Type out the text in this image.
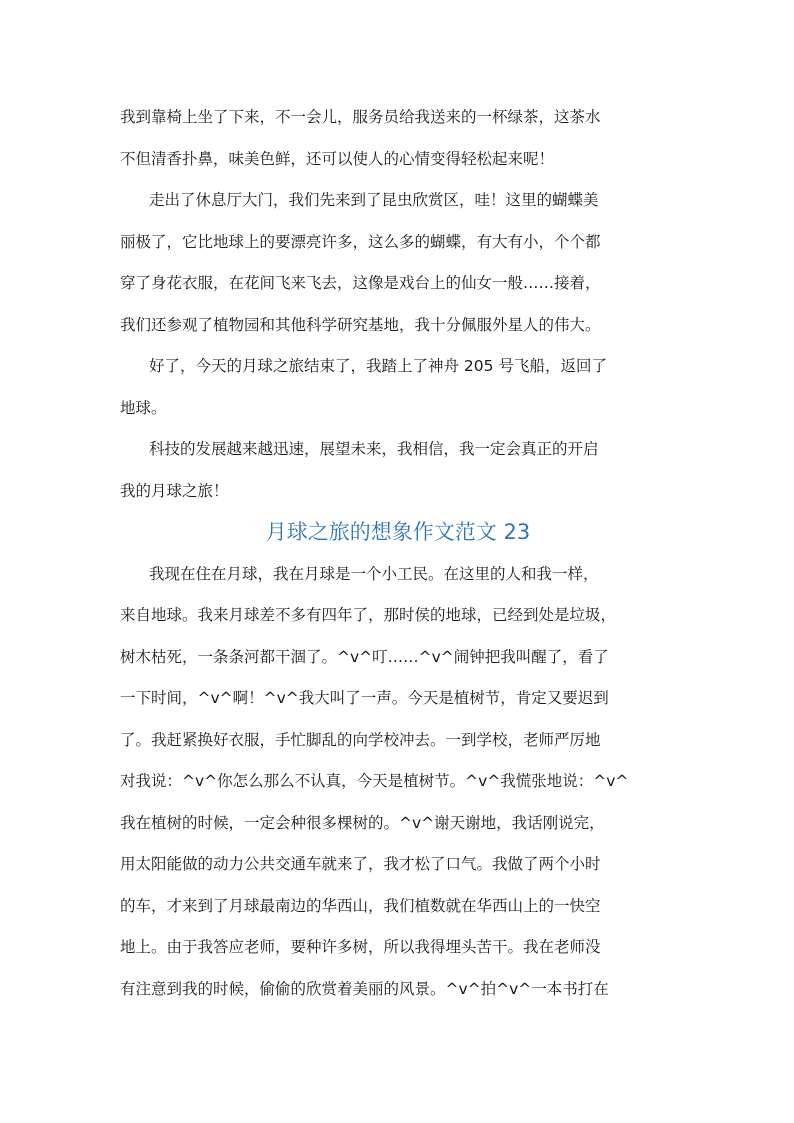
我到靠椅上坐了下来，不一会儿，服务员给我送来的一杯绿茶，这茶水
不但清香扑鼻，味美色鲜，还可以使人的心情变得轻松起来呢！
走出了休息厅大门，我们先来到了昆虫欣赏区，哇！这里的蝴蝶美
丽极了，它比地球上的要漂亮许多，这么多的蝴蝶，有大有小，个个都
穿了身花衣服，在花间飞来飞去，这像是戏台上的仙女一般……接着，
我们还参观了植物园和其他科学研究基地，我十分佩服外星人的伟大。
好了，今天的月球之旅结束了，我踏上了神舟 205 号飞船，返回了
地球。
科技的发展越来越迅速，展望未来，我相信，我一定会真正的开启
我的月球之旅！
月球之旅的想象作文范文 23
我现在住在月球，我在月球是一个小工民。在这里的人和我一样，
来自地球。我来月球差不多有四年了，那时侯的地球，已经到处是垃圾，
树木枯死，一条条河都干涸了。^v^叮……^v^闹钟把我叫醒了，看了
一下时间，^v^啊！^v^我大叫了一声。今天是植树节，肯定又要迟到
了。我赶紧换好衣服，手忙脚乱的向学校冲去。一到学校，老师严厉地
对我说：^v^你怎么那么不认真，今天是植树节。^v^我慌张地说：^v^
我在植树的时候，一定会种很多棵树的。^v^谢天谢地，我话刚说完，
用太阳能做的动力公共交通车就来了，我才松了口气。我做了两个小时
的车，才来到了月球最南边的华西山，我们植数就在华西山上的一快空
地上。由于我答应老师，要种许多树，所以我得埋头苦干。我在老师没
有注意到我的时候，偷偷的欣赏着美丽的风景。^v^拍^v^一本书打在
